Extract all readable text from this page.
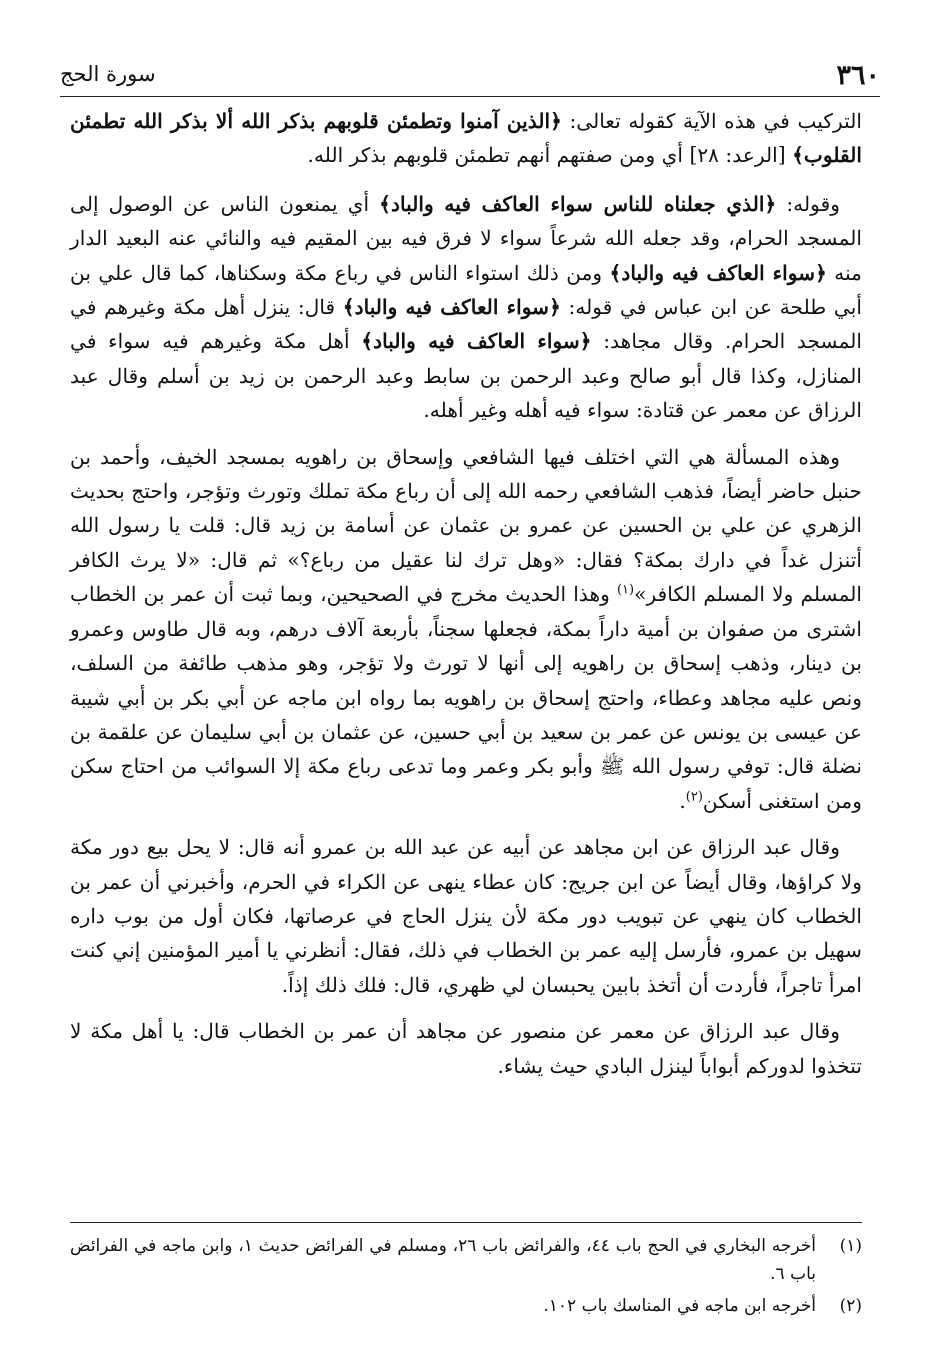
٣٦٠
سورة الحج

التركيب في هذه الآية كقوله تعالى: ﴿الذين آمنوا وتطمئن قلوبهم بذكر الله ألا بذكر الله تطمئن القلوب﴾ [الرعد: ٢٨] أي ومن صفتهم أنهم تطمئن قلوبهم بذكر الله.

وقوله: ﴿الذي جعلناه للناس سواء العاكف فيه والباد﴾ أي يمنعون الناس عن الوصول إلى المسجد الحرام، وقد جعله الله شرعاً سواء لا فرق فيه بين المقيم فيه والنائي عنه البعيد الدار منه ﴿سواء العاكف فيه والباد﴾ ومن ذلك استواء الناس في رباع مكة وسكناها، كما قال علي بن أبي طلحة عن ابن عباس في قوله: ﴿سواء العاكف فيه والباد﴾ قال: ينزل أهل مكة وغيرهم في المسجد الحرام. وقال مجاهد: ﴿سواء العاكف فيه والباد﴾ أهل مكة وغيرهم فيه سواء في المنازل، وكذا قال أبو صالح وعبد الرحمن بن سابط وعبد الرحمن بن زيد بن أسلم وقال عبد الرزاق عن معمر عن قتادة: سواء فيه أهله وغير أهله.

وهذه المسألة هي التي اختلف فيها الشافعي وإسحاق بن راهويه بمسجد الخيف، وأحمد بن حنبل حاضر أيضاً، فذهب الشافعي رحمه الله إلى أن رباع مكة تملك وتورث وتؤجر، واحتج بحديث الزهري عن علي بن الحسين عن عمرو بن عثمان عن أسامة بن زيد قال: قلت يا رسول الله أتنزل غداً في دارك بمكة؟ فقال: «وهل ترك لنا عقيل من رباع؟» ثم قال: «لا يرث الكافر المسلم ولا المسلم الكافر»$^{(١)}$ وهذا الحديث مخرج في الصحيحين، وبما ثبت أن عمر بن الخطاب اشترى من صفوان بن أمية داراً بمكة، فجعلها سجناً، بأربعة آلاف درهم، وبه قال طاوس وعمرو بن دينار، وذهب إسحاق بن راهويه إلى أنها لا تورث ولا تؤجر، وهو مذهب طائفة من السلف، ونص عليه مجاهد وعطاء، واحتج إسحاق بن راهويه بما رواه ابن ماجه عن أبي بكر بن أبي شيبة عن عيسى بن يونس عن عمر بن سعيد بن أبي حسين، عن عثمان بن أبي سليمان عن علقمة بن نضلة قال: توفي رسول الله ﷺ وأبو بكر وعمر وما تدعى رباع مكة إلا السوائب من احتاج سكن ومن استغنى أسكن$^{(٢)}$.

وقال عبد الرزاق عن ابن مجاهد عن أبيه عن عبد الله بن عمرو أنه قال: لا يحل بيع دور مكة ولا كراؤها، وقال أيضاً عن ابن جريج: كان عطاء ينهى عن الكراء في الحرم، وأخبرني أن عمر بن الخطاب كان ينهي عن تبويب دور مكة لأن ينزل الحاج في عرصاتها، فكان أول من بوب داره سهيل بن عمرو، فأرسل إليه عمر بن الخطاب في ذلك، فقال: أنظرني يا أمير المؤمنين إني كنت امرأ تاجراً، فأردت أن أتخذ بابين يحبسان لي ظهري، قال: فلك ذلك إذاً.

وقال عبد الرزاق عن معمر عن منصور عن مجاهد أن عمر بن الخطاب قال: يا أهل مكة لا تتخذوا لدوركم أبواباً لينزل البادي حيث يشاء.

(١)
أخرجه البخاري في الحج باب ٤٤، والفرائض باب ٢٦، ومسلم في الفرائض حديث ١، وابن ماجه في الفرائض باب ٦.
(٢)
أخرجه ابن ماجه في المناسك باب ١٠٢.
